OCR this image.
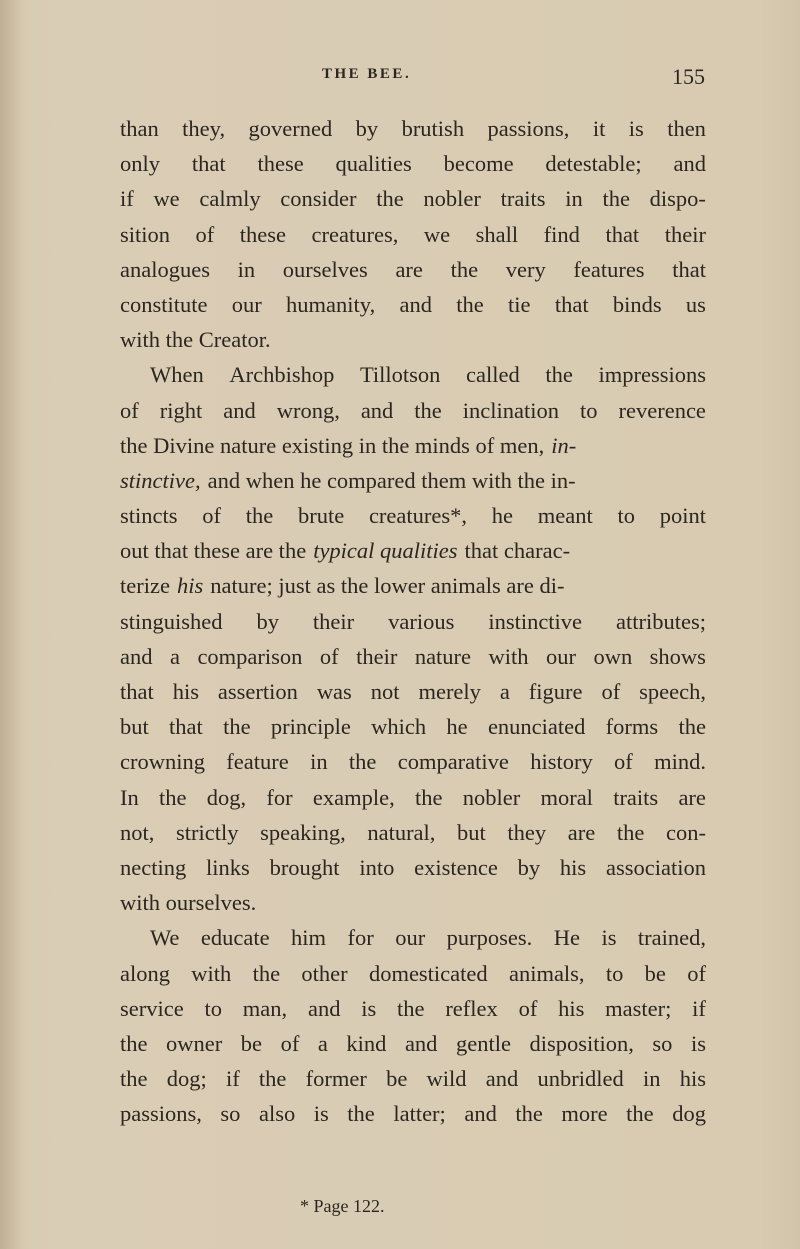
THE BEE.	155
than they, governed by brutish passions, it is then
only that these qualities become detestable; and
if we calmly consider the nobler traits in the dispo-
sition of these creatures, we shall find that their
analogues in ourselves are the very features that
constitute our humanity, and the tie that binds us
with the Creator.
When Archbishop Tillotson called the impressions
of right and wrong, and the inclination to reverence
the Divine nature existing in the minds of men, in-
stinctive, and when he compared them with the in-
stincts of the brute creatures*, he meant to point
out that these are the typical qualities that charac-
terize his nature; just as the lower animals are di-
stinguished by their various instinctive attributes;
and a comparison of their nature with our own shows
that his assertion was not merely a figure of speech,
but that the principle which he enunciated forms the
crowning feature in the comparative history of mind.
In the dog, for example, the nobler moral traits are
not, strictly speaking, natural, but they are the con-
necting links brought into existence by his association
with ourselves.
We educate him for our purposes. He is trained,
along with the other domesticated animals, to be of
service to man, and is the reflex of his master; if
the owner be of a kind and gentle disposition, so is
the dog; if the former be wild and unbridled in his
passions, so also is the latter; and the more the dog
* Page 122.
